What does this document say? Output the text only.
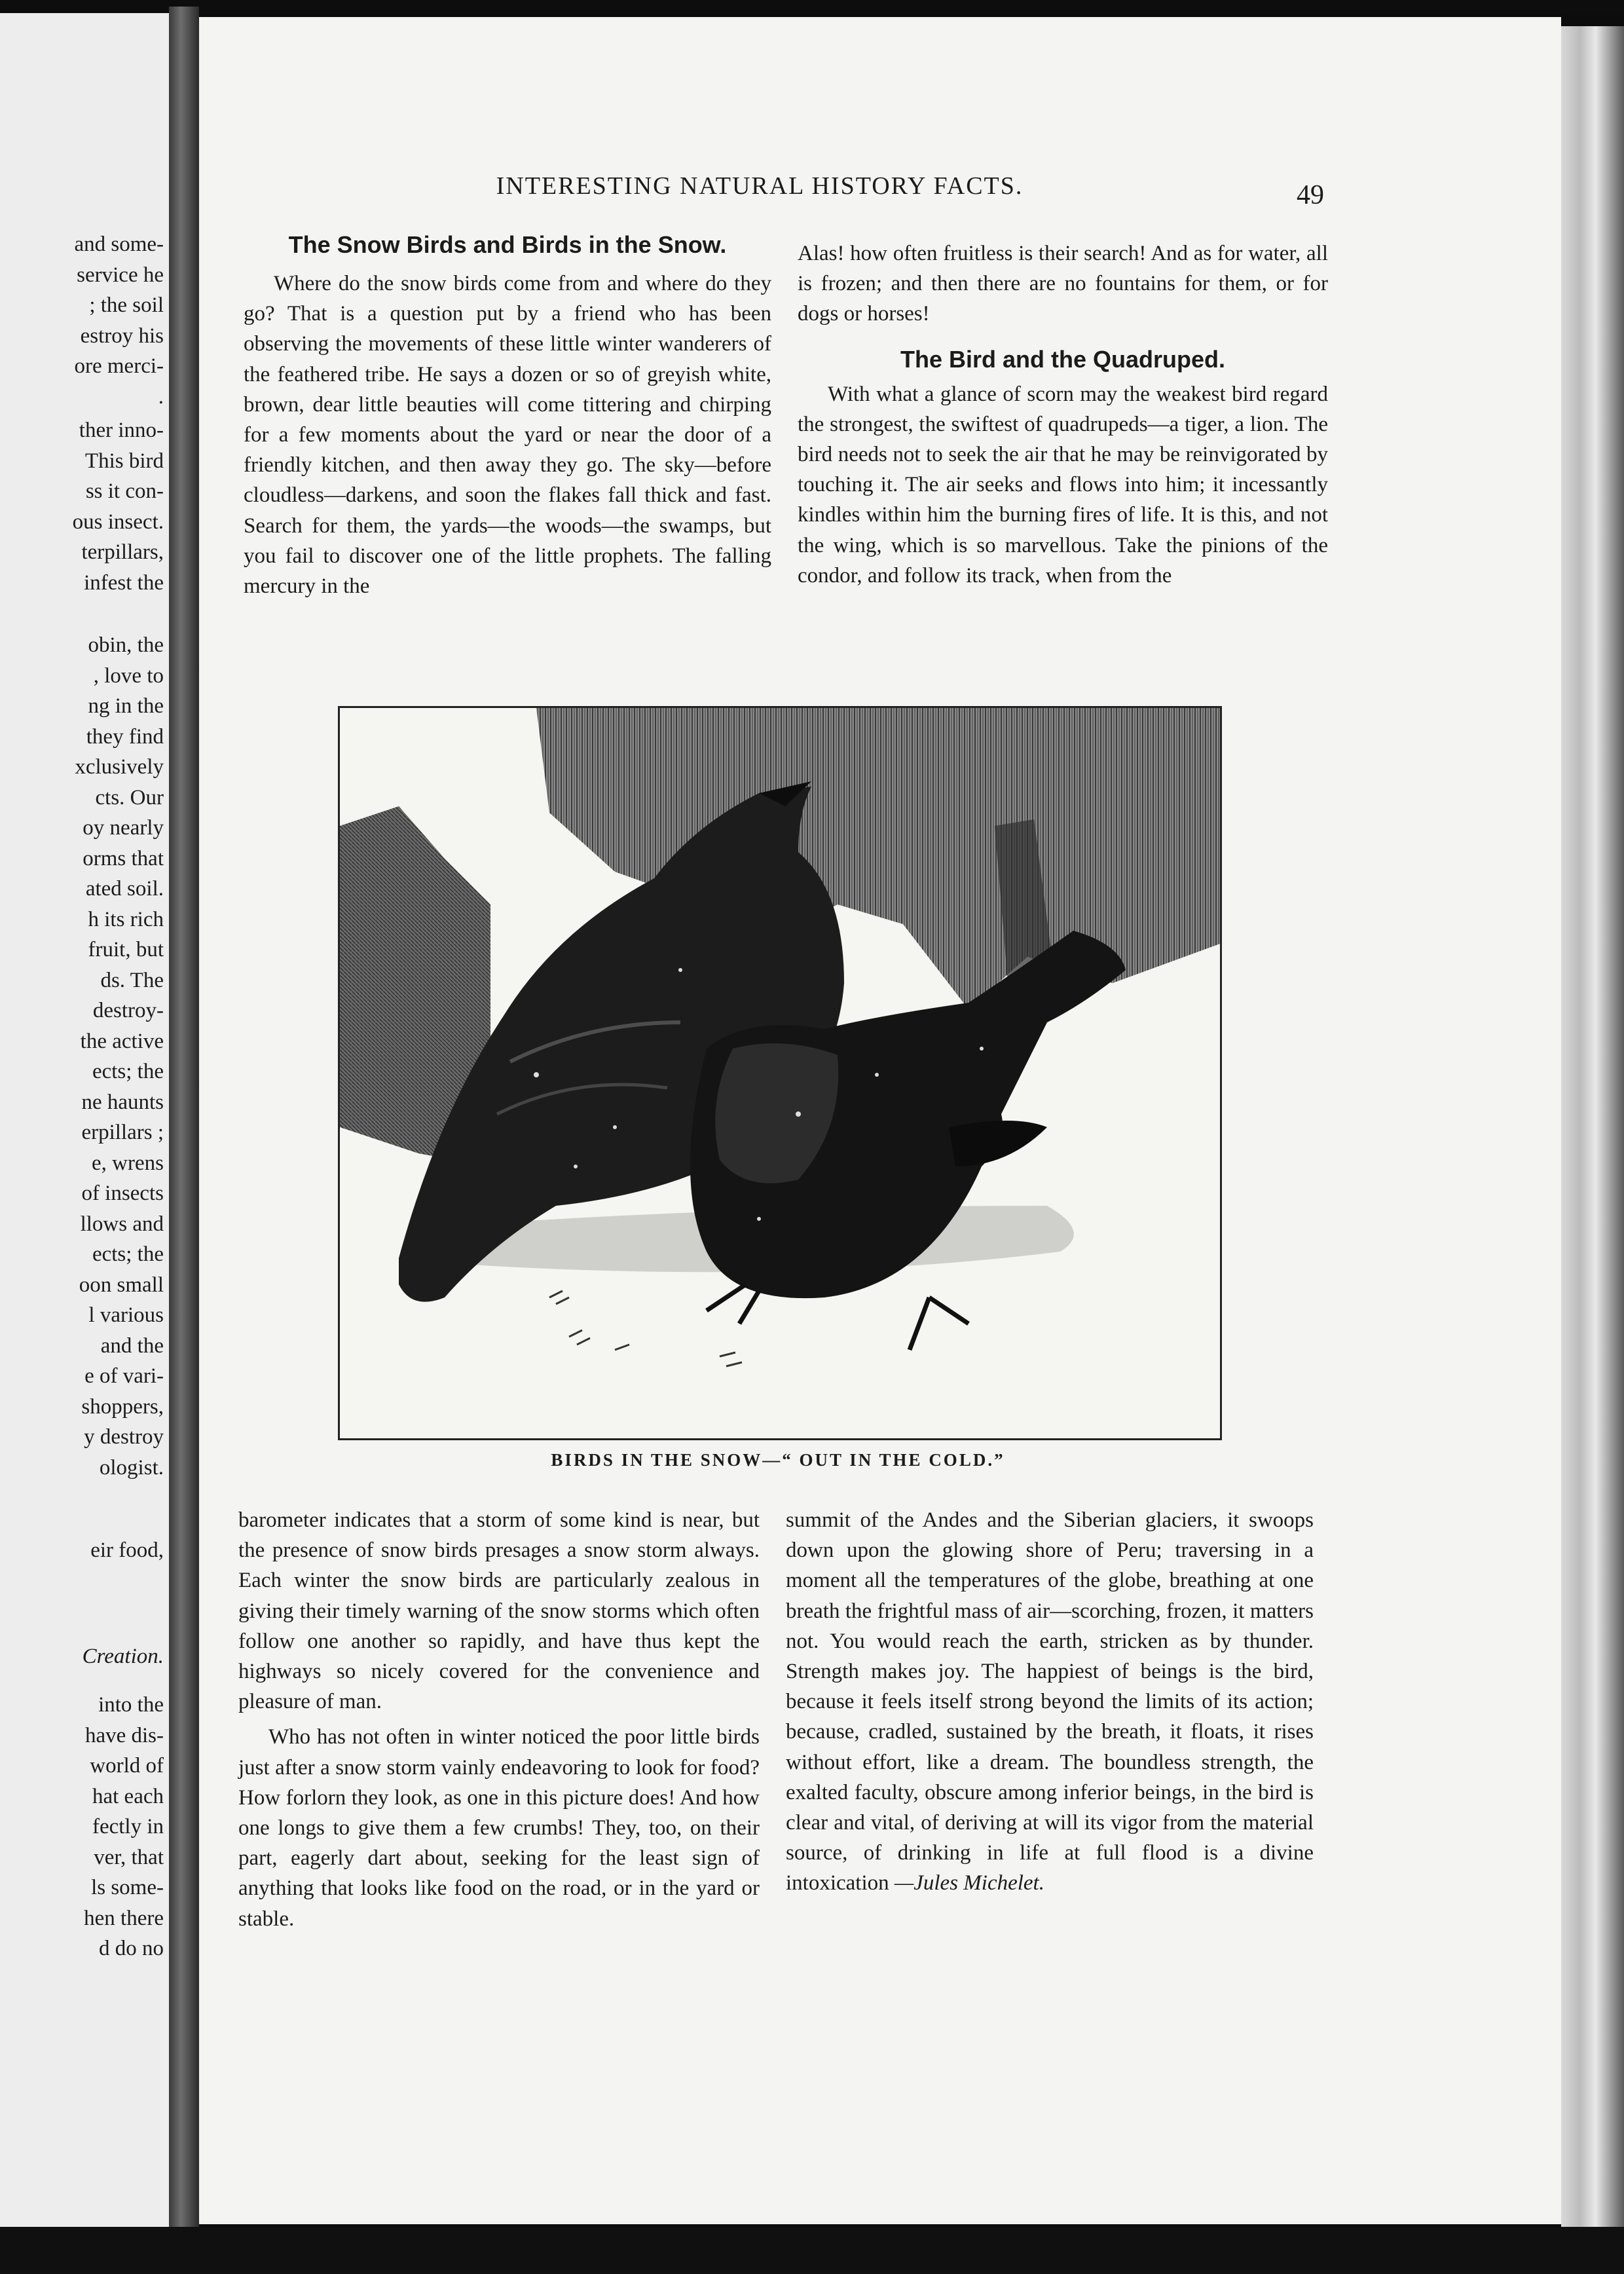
and some-
service he
; the soil
estroy his
ore merci-
.
ther inno-
This bird
ss it con-
ous insect.
terpillars,
infest the
obin, the
, love to
ng in the
they find
xclusively
cts. Our
oy nearly
orms that
ated soil.
h its rich
fruit, but
ds. The
destroy-
the active
ects; the
ne haunts
erpillars ;
e, wrens
of insects
llows and
ects; the
oon small
l various
and the
e of vari-
shoppers,
y destroy
ologist.
eir food,
Creation.
into the
have dis-
world of
hat each
fectly in
ver, that
ls some-
hen there
d do no
INTERESTING NATURAL HISTORY FACTS.	49
The Snow Birds and Birds in the Snow.

Where do the snow birds come from and where do they go? That is a question put by a friend who has been observing the movements of these little winter wanderers of the feathered tribe. He says a dozen or so of greyish white, brown, dear little beauties will come tittering and chirping for a few moments about the yard or near the door of a friendly kitchen, and then away they go. The sky—before cloudless—darkens, and soon the flakes fall thick and fast. Search for them, the yards—the woods—the swamps, but you fail to discover one of the little prophets. The falling mercury in the

Alas! how often fruitless is their search! And as for water, all is frozen; and then there are no fountains for them, or for dogs or horses!

The Bird and the Quadruped.

With what a glance of scorn may the weakest bird regard the strongest, the swiftest of quadrupeds—a tiger, a lion. The bird needs not to seek the air that he may be reinvigorated by touching it. The air seeks and flows into him; it incessantly kindles within him the burning fires of life. It is this, and not the wing, which is so marvellous. Take the pinions of the condor, and follow its track, when from the

BIRDS IN THE SNOW—“ OUT IN THE COLD.”

barometer indicates that a storm of some kind is near, but the presence of snow birds presages a snow storm always. Each winter the snow birds are particularly zealous in giving their timely warning of the snow storms which often follow one another so rapidly, and have thus kept the highways so nicely covered for the convenience and pleasure of man.

Who has not often in winter noticed the poor little birds just after a snow storm vainly endeavoring to look for food? How forlorn they look, as one in this picture does! And how one longs to give them a few crumbs! They, too, on their part, eagerly dart about, seeking for the least sign of anything that looks like food on the road, or in the yard or stable.

summit of the Andes and the Siberian glaciers, it swoops down upon the glowing shore of Peru; traversing in a moment all the temperatures of the globe, breathing at one breath the frightful mass of air—scorching, frozen, it matters not. You would reach the earth, stricken as by thunder. Strength makes joy. The happiest of beings is the bird, because it feels itself strong beyond the limits of its action; because, cradled, sustained by the breath, it floats, it rises without effort, like a dream. The boundless strength, the exalted faculty, obscure among inferior beings, in the bird is clear and vital, of deriving at will its vigor from the material source, of drinking in life at full flood is a divine intoxication —Jules Michelet.
